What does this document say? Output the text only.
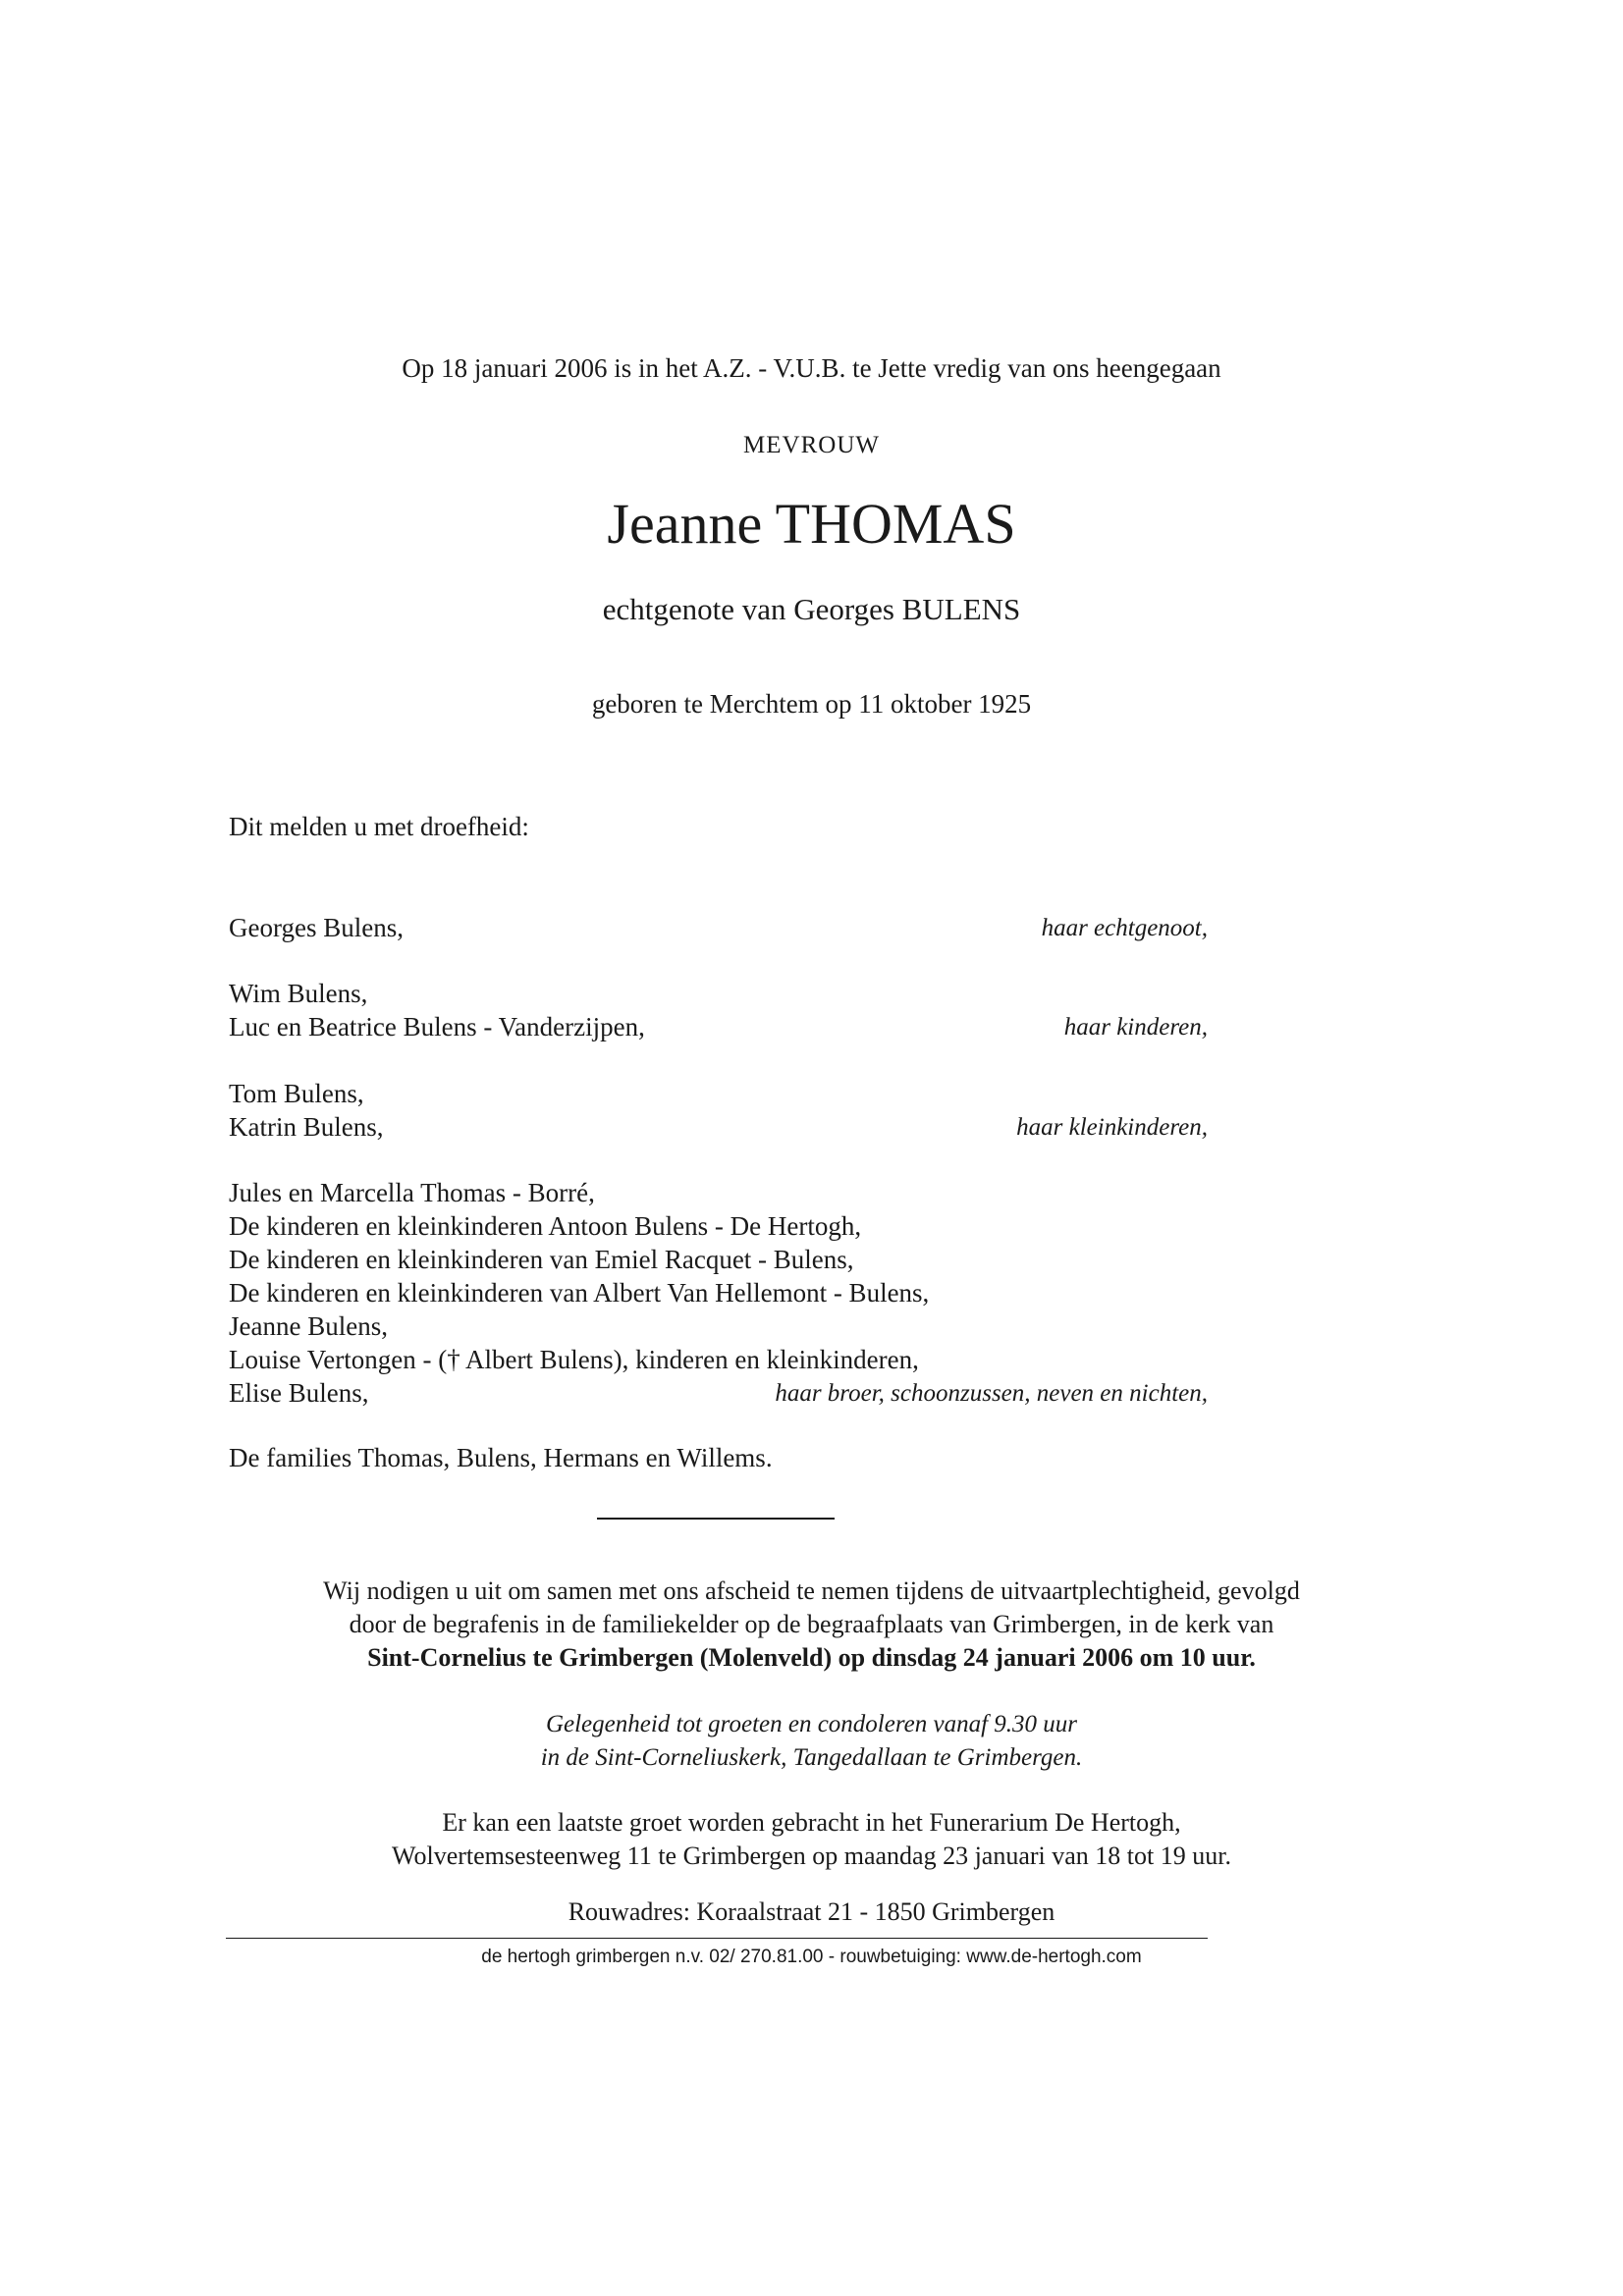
Op 18 januari 2006 is in het A.Z. - V.U.B. te Jette vredig van ons heengegaan
MEVROUW
Jeanne THOMAS
echtgenote van Georges BULENS
geboren te Merchtem op 11 oktober 1925
Dit melden u met droefheid:
Georges Bulens,	haar echtgenoot,
Wim Bulens,
Luc en Beatrice Bulens - Vanderzijpen,	haar kinderen,
Tom Bulens,
Katrin Bulens,	haar kleinkinderen,
Jules en Marcella Thomas - Borré,
De kinderen en kleinkinderen Antoon Bulens - De Hertogh,
De kinderen en kleinkinderen van Emiel Racquet - Bulens,
De kinderen en kleinkinderen van Albert Van Hellemont - Bulens,
Jeanne Bulens,
Louise Vertongen - († Albert Bulens), kinderen en kleinkinderen,
Elise Bulens,	haar broer, schoonzussen, neven en nichten,
De families Thomas, Bulens, Hermans en Willems.
Wij nodigen u uit om samen met ons afscheid te nemen tijdens de uitvaartplechtigheid, gevolgd
door de begrafenis in de familiekelder op de begraafplaats van Grimbergen, in de kerk van
Sint-Cornelius te Grimbergen (Molenveld) op dinsdag 24 januari 2006 om 10 uur.
Gelegenheid tot groeten en condoleren vanaf 9.30 uur
in de Sint-Corneliuskerk, Tangedallaan te Grimbergen.
Er kan een laatste groet worden gebracht in het Funerarium De Hertogh,
Wolvertemsesteenweg 11 te Grimbergen op maandag 23 januari van 18 tot 19 uur.
Rouwadres: Koraalstraat 21 - 1850 Grimbergen
de hertogh grimbergen n.v. 02/ 270.81.00 - rouwbetuiging: www.de-hertogh.com
